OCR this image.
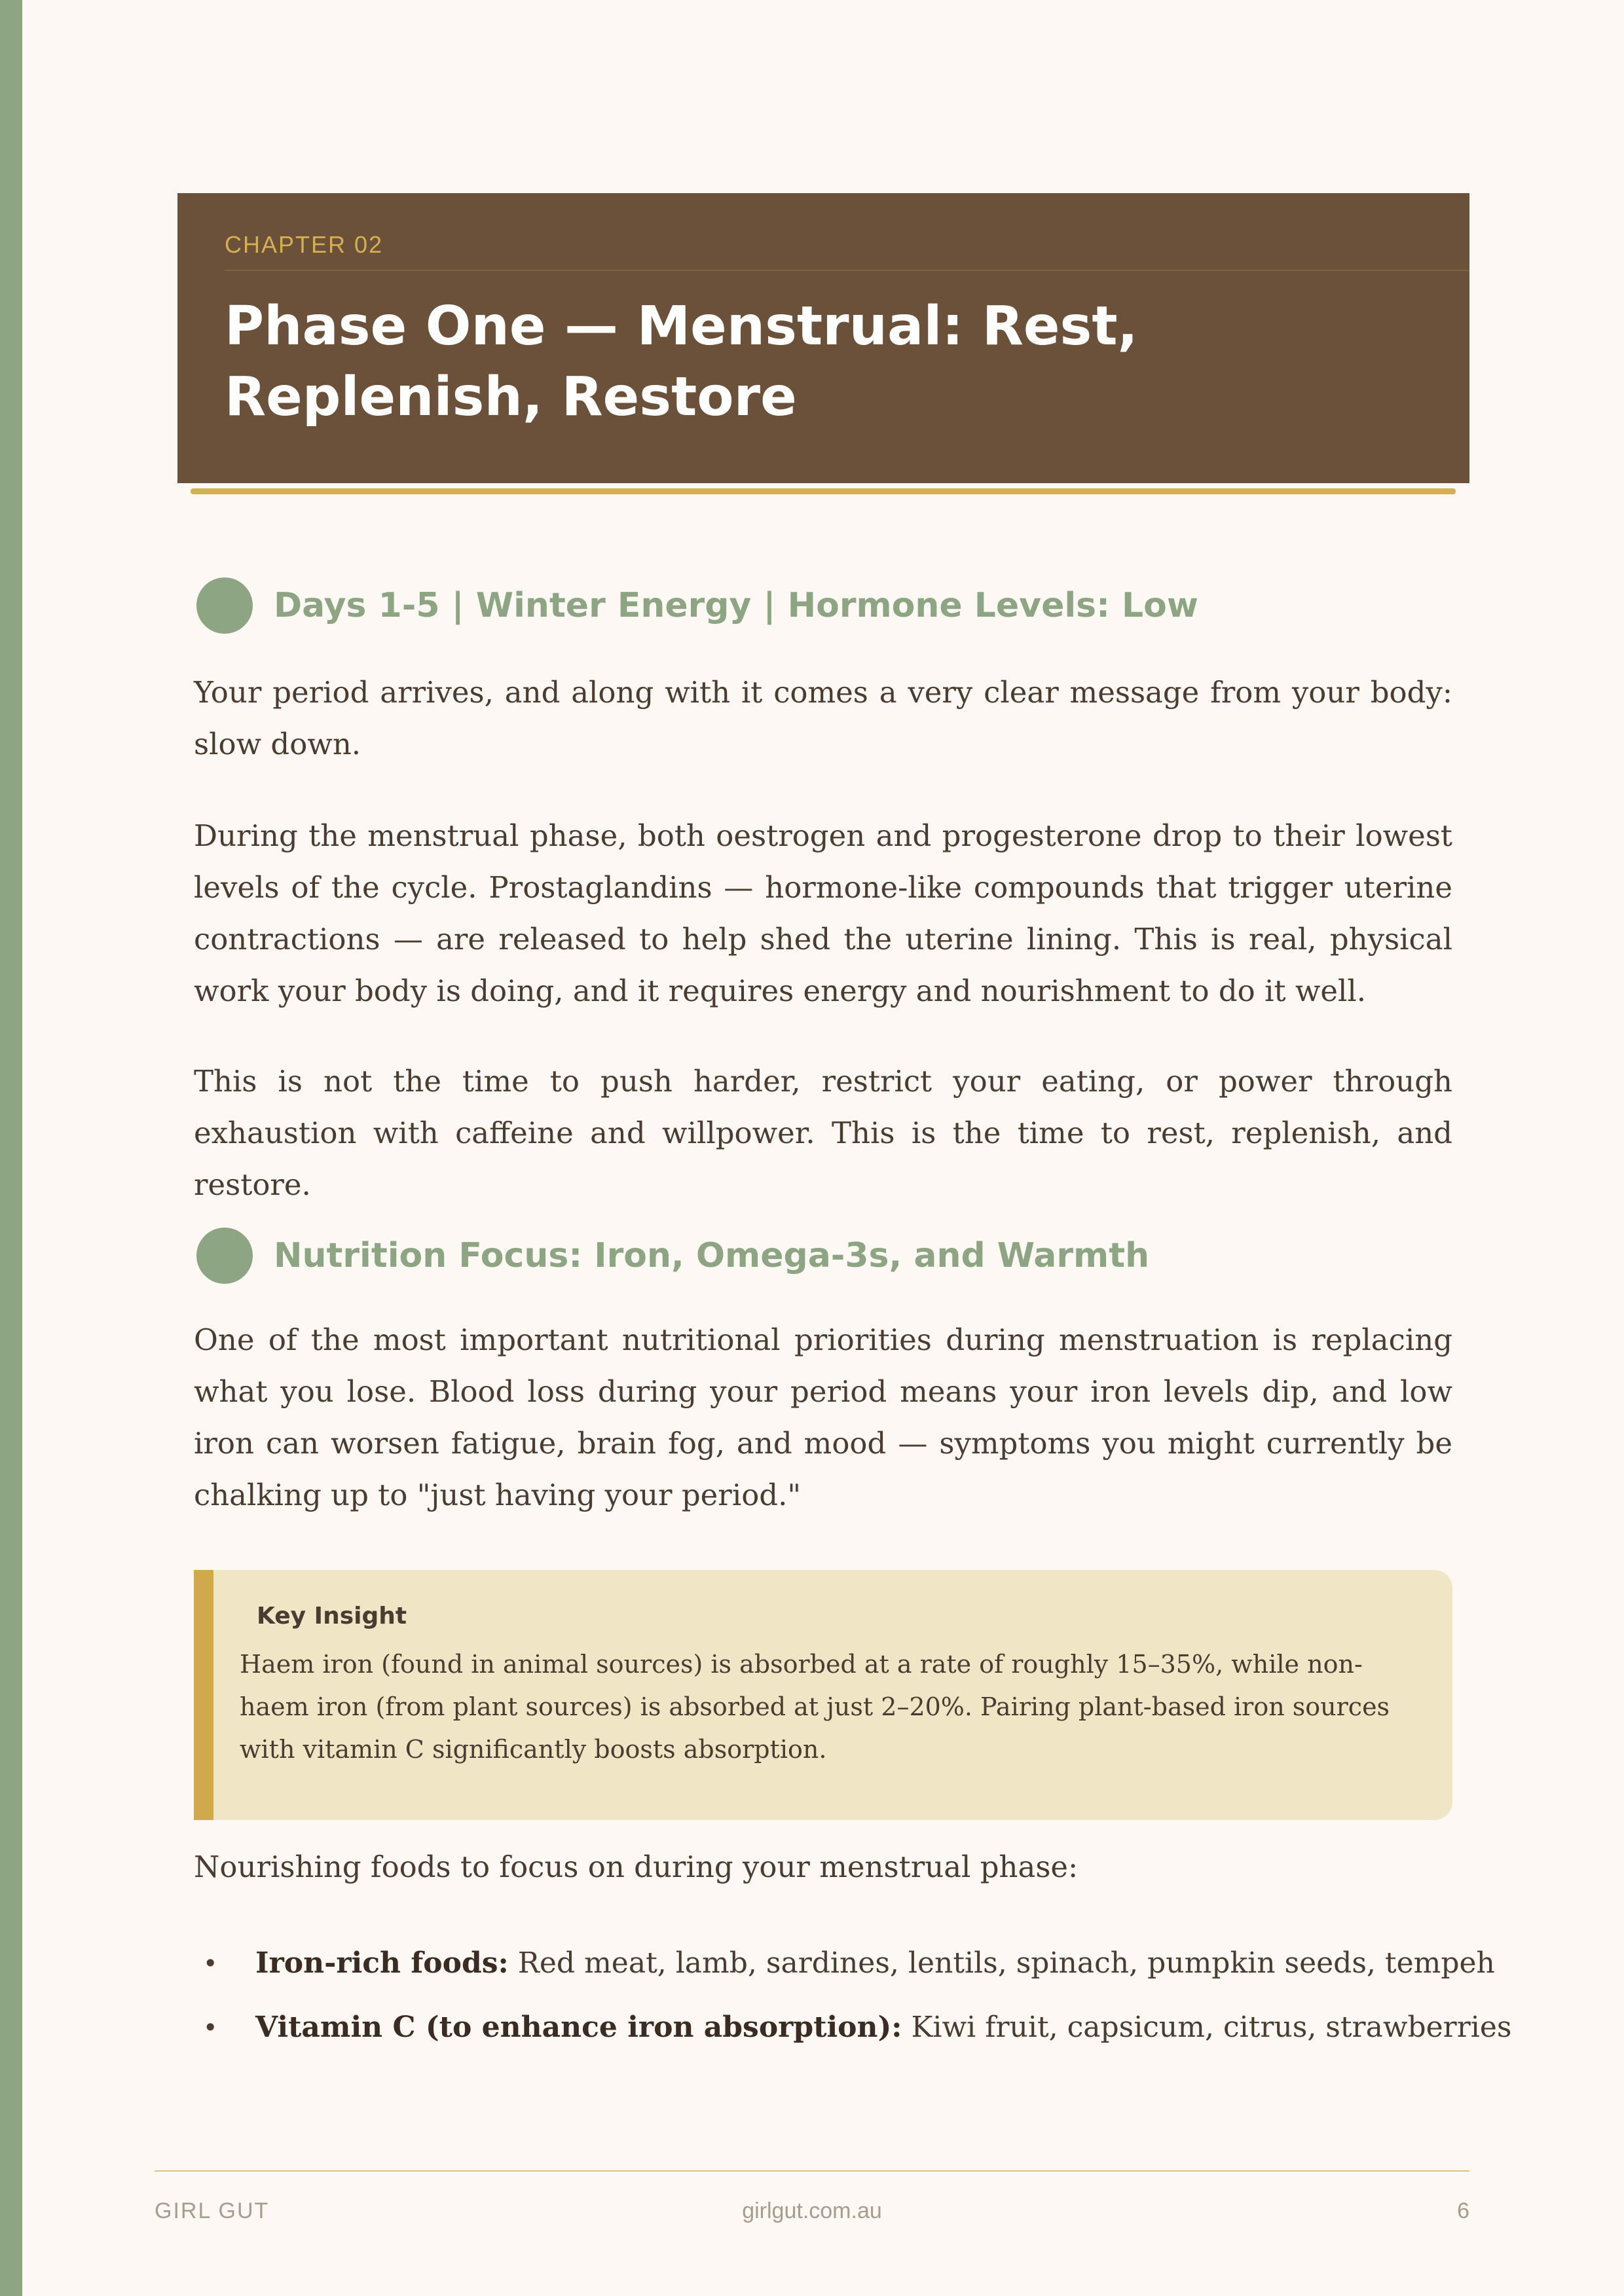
CHAPTER 02
Phase One — Menstrual: Rest, Replenish, Restore
Days 1-5 | Winter Energy | Hormone Levels: Low

Your period arrives, and along with it comes a very clear message from your body: slow down.

During the menstrual phase, both oestrogen and progesterone drop to their lowest levels of the cycle. Prostaglandins — hormone-like compounds that trigger uterine contractions — are released to help shed the uterine lining. This is real, physical work your body is doing, and it requires energy and nourishment to do it well.

This is not the time to push harder, restrict your eating, or power through exhaustion with caffeine and willpower. This is the time to rest, replenish, and restore.

Nutrition Focus: Iron, Omega-3s, and Warmth

One of the most important nutritional priorities during menstruation is replacing what you lose. Blood loss during your period means your iron levels dip, and low iron can worsen fatigue, brain fog, and mood — symptoms you might currently be chalking up to "just having your period."

Key Insight

Haem iron (found in animal sources) is absorbed at a rate of roughly 15–35%, while non-haem iron (from plant sources) is absorbed at just 2–20%. Pairing plant-based iron sources with vitamin C significantly boosts absorption.

Nourishing foods to focus on during your menstrual phase:

• Iron-rich foods: Red meat, lamb, sardines, lentils, spinach, pumpkin seeds, tempeh
• Vitamin C (to enhance iron absorption): Kiwi fruit, capsicum, citrus, strawberries
GIRL GUT	girlgut.com.au	6
